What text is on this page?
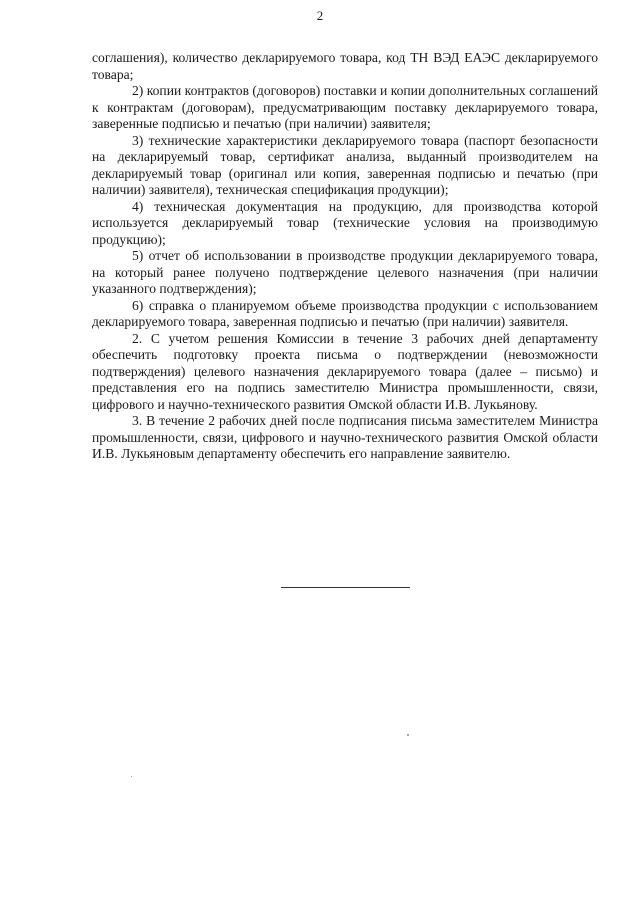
2

соглашения), количество декларируемого товара, код ТН ВЭД ЕАЭС декларируемого товара;

2) копии контрактов (договоров) поставки и копии дополнительных соглашений к контрактам (договорам), предусматривающим поставку декларируемого товара, заверенные подписью и печатью (при наличии) заявителя;

3) технические характеристики декларируемого товара (паспорт безопасности на декларируемый товар, сертификат анализа, выданный производителем на декларируемый товар (оригинал или копия, заверенная подписью и печатью (при наличии) заявителя), техническая спецификация продукции);

4) техническая документация на продукцию, для производства которой используется декларируемый товар (технические условия на производимую продукцию);

5) отчет об использовании в производстве продукции декларируемого товара, на который ранее получено подтверждение целевого назначения (при наличии указанного подтверждения);

6) справка о планируемом объеме производства продукции с использованием декларируемого товара, заверенная подписью и печатью (при наличии) заявителя.

2. С учетом решения Комиссии в течение 3 рабочих дней департаменту обеспечить подготовку проекта письма о подтверждении (невозможности подтверждения) целевого назначения декларируемого товара (далее – письмо) и представления его на подпись заместителю Министра промышленности, связи, цифрового и научно-технического развития Омской области И.В. Лукьянову.

3. В течение 2 рабочих дней после подписания письма заместителем Министра промышленности, связи, цифрового и научно-технического развития Омской области И.В. Лукьяновым департаменту обеспечить его направление заявителю.
